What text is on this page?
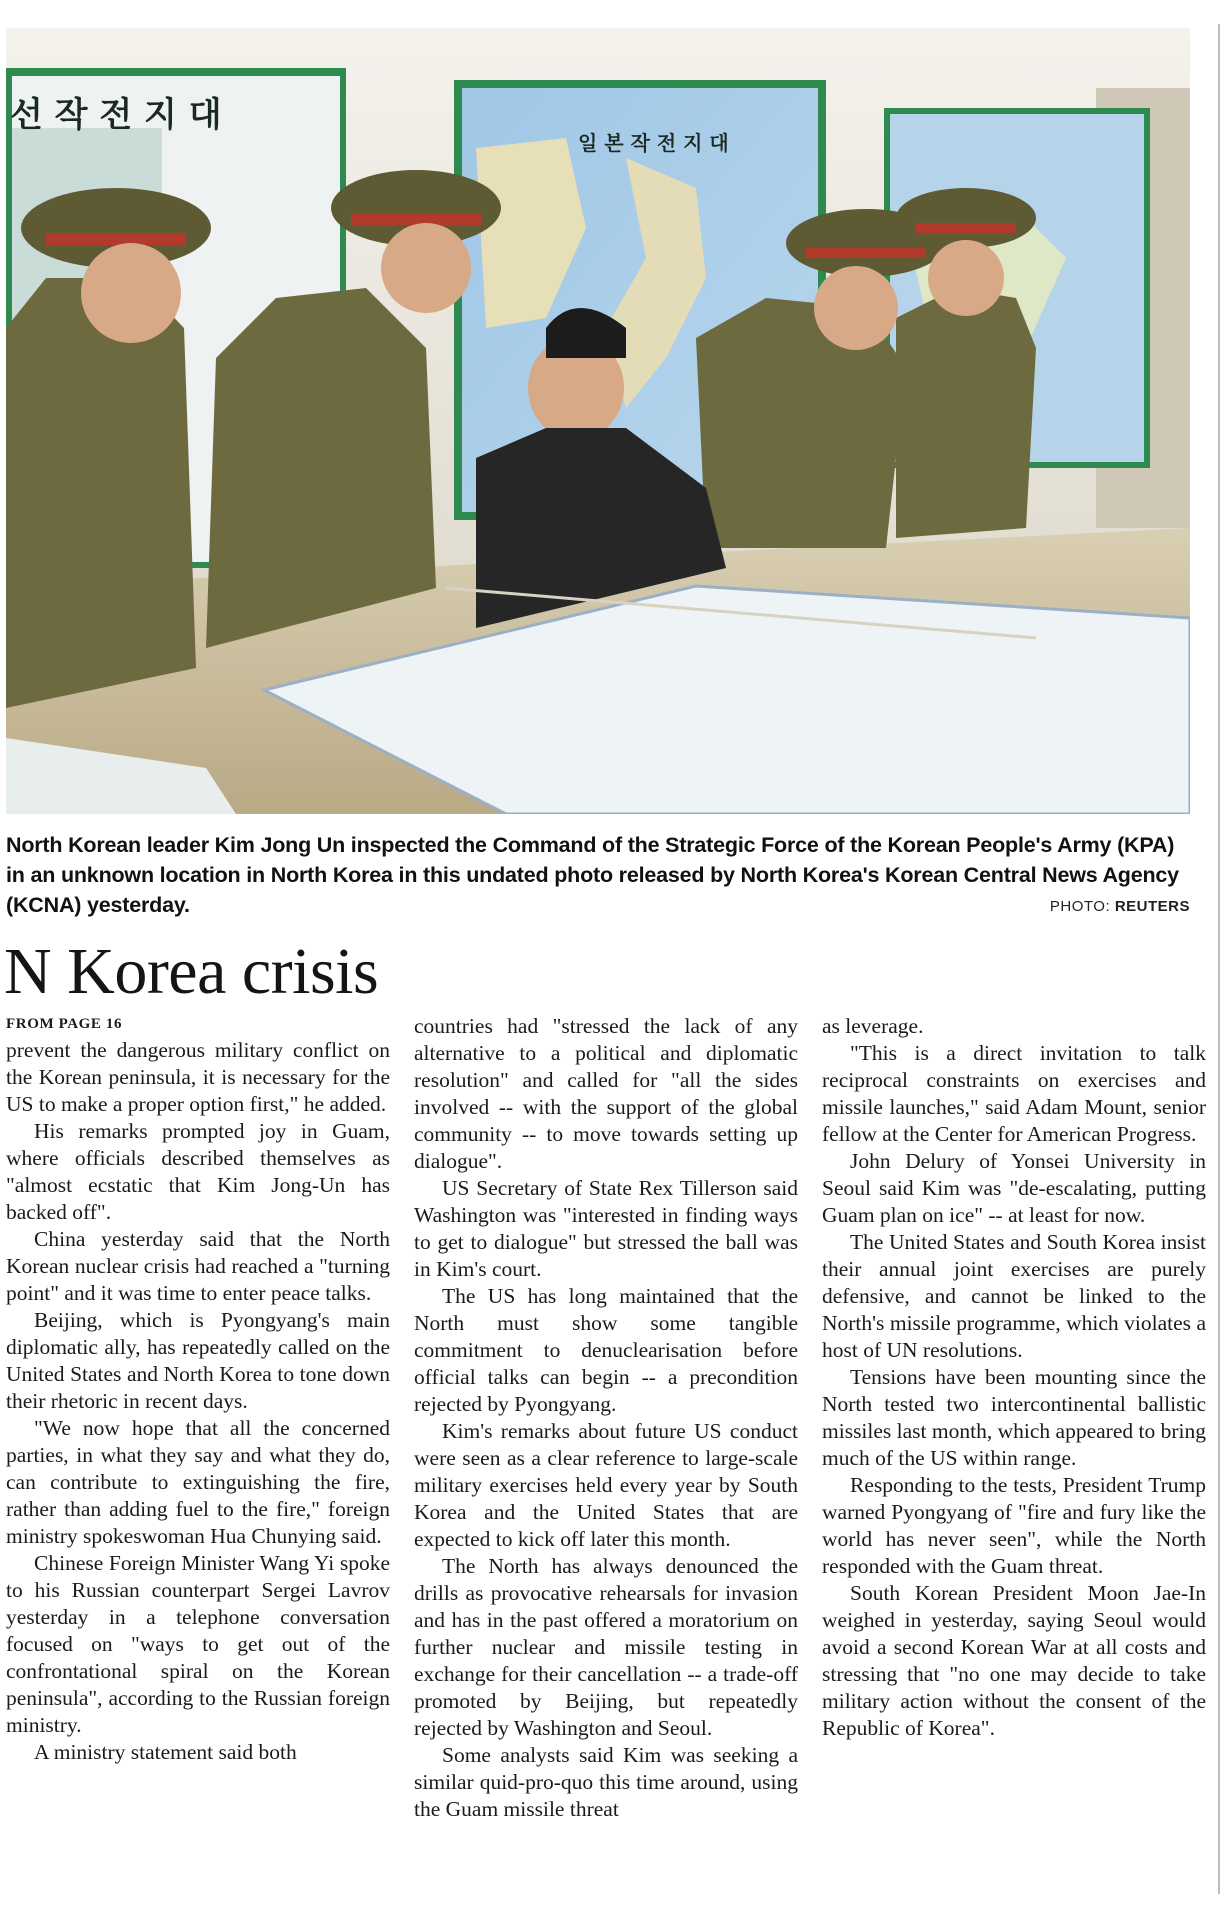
선 작 전 지 대
일 본 작 전 지 대
North Korean leader Kim Jong Un inspected the Command of the Strategic Force of the Korean People's Army (KPA) in an unknown location in North Korea in this undated photo released by North Korea's Korean Central News Agency (KCNA) yesterday.	PHOTO: REUTERS
N Korea crisis
FROM PAGE 16

prevent the dangerous military conflict on the Korean peninsula, it is necessary for the US to make a proper option first," he added.

His remarks prompted joy in Guam, where officials described themselves as "almost ecstatic that Kim Jong-Un has backed off".

China yesterday said that the North Korean nuclear crisis had reached a "turning point" and it was time to enter peace talks.

Beijing, which is Pyongyang's main diplomatic ally, has repeatedly called on the United States and North Korea to tone down their rhetoric in recent days.

"We now hope that all the concerned parties, in what they say and what they do, can contribute to extinguishing the fire, rather than adding fuel to the fire," foreign ministry spokeswoman Hua Chunying said.

Chinese Foreign Minister Wang Yi spoke to his Russian counterpart Sergei Lavrov yesterday in a telephone conversation focused on "ways to get out of the confrontational spiral on the Korean peninsula", according to the Russian foreign ministry.

A ministry statement said both

countries had "stressed the lack of any alternative to a political and diplomatic resolution" and called for "all the sides involved -- with the support of the global community -- to move towards setting up dialogue".

US Secretary of State Rex Tillerson said Washington was "interested in finding ways to get to dialogue" but stressed the ball was in Kim's court.

The US has long maintained that the North must show some tangible commitment to denuclearisation before official talks can begin -- a precondition rejected by Pyongyang.

Kim's remarks about future US conduct were seen as a clear reference to large-scale military exercises held every year by South Korea and the United States that are expected to kick off later this month.

The North has always denounced the drills as provocative rehearsals for invasion and has in the past offered a moratorium on further nuclear and missile testing in exchange for their cancellation -- a trade-off promoted by Beijing, but repeatedly rejected by Washington and Seoul.

Some analysts said Kim was seeking a similar quid-pro-quo this time around, using the Guam missile threat

as leverage.

"This is a direct invitation to talk reciprocal constraints on exercises and missile launches," said Adam Mount, senior fellow at the Center for American Progress.

John Delury of Yonsei University in Seoul said Kim was "de-escalating, putting Guam plan on ice" -- at least for now.

The United States and South Korea insist their annual joint exercises are purely defensive, and cannot be linked to the North's missile programme, which violates a host of UN resolutions.

Tensions have been mounting since the North tested two intercontinental ballistic missiles last month, which appeared to bring much of the US within range.

Responding to the tests, President Trump warned Pyongyang of "fire and fury like the world has never seen", while the North responded with the Guam threat.

South Korean President Moon Jae-In weighed in yesterday, saying Seoul would avoid a second Korean War at all costs and stressing that "no one may decide to take military action without the consent of the Republic of Korea".
